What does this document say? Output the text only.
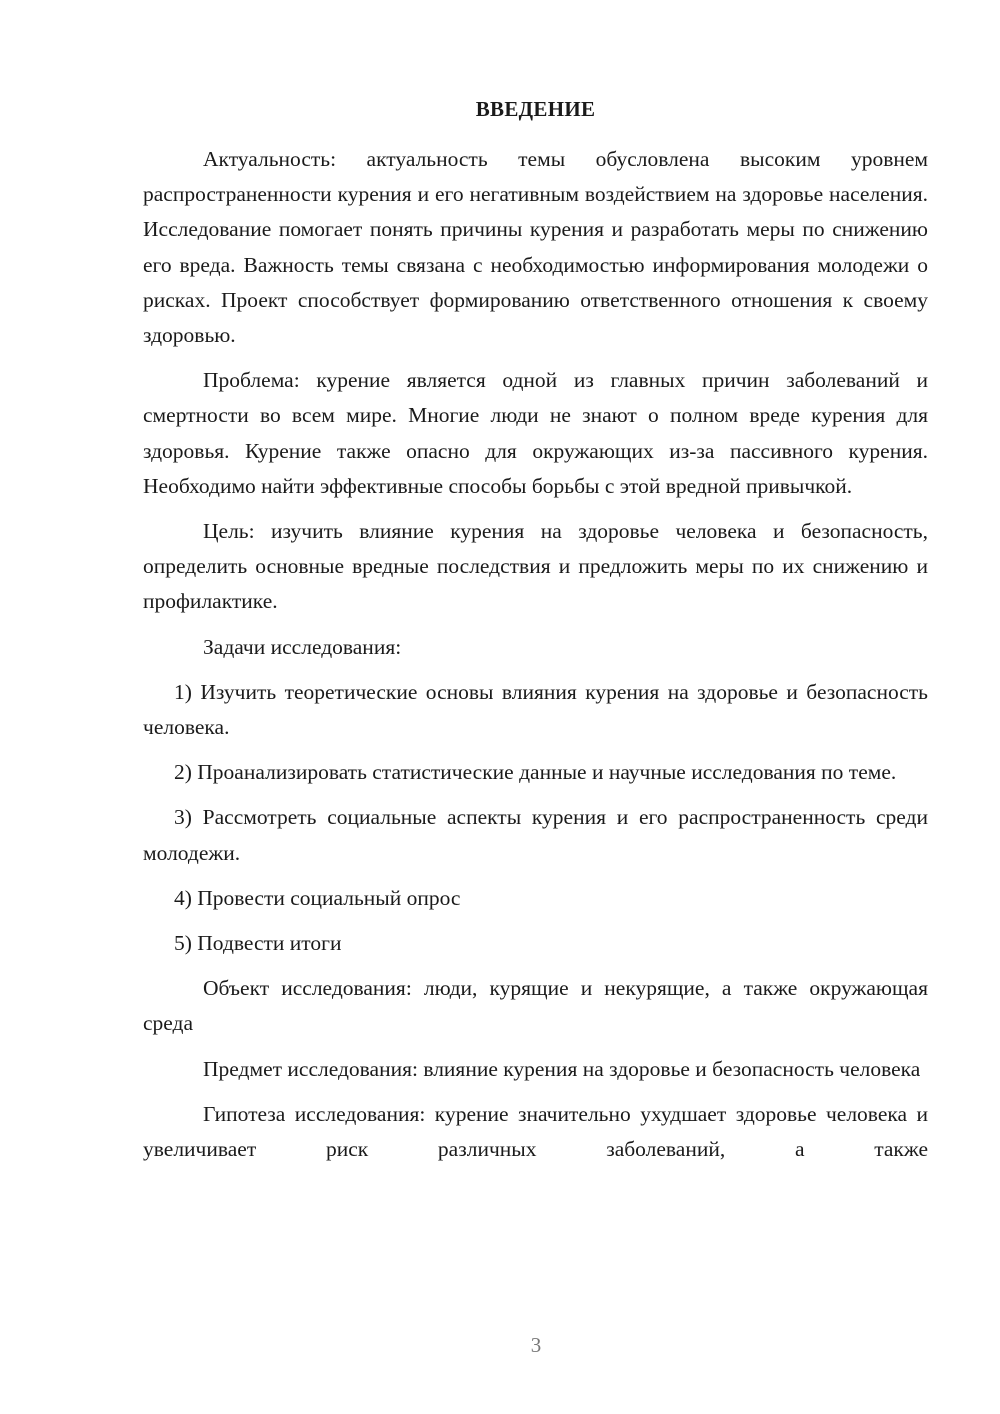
ВВЕДЕНИЕ

Актуальность: актуальность темы обусловлена высоким уровнем распространенности курения и его негативным воздействием на здоровье населения. Исследование помогает понять причины курения и разработать меры по снижению его вреда. Важность темы связана с необходимостью информирования молодежи о рисках. Проект способствует формированию ответственного отношения к своему здоровью.

Проблема: курение является одной из главных причин заболеваний и смертности во всем мире. Многие люди не знают о полном вреде курения для здоровья. Курение также опасно для окружающих из-за пассивного курения. Необходимо найти эффективные способы борьбы с этой вредной привычкой.

Цель: изучить влияние курения на здоровье человека и безопасность, определить основные вредные последствия и предложить меры по их снижению и профилактике.

Задачи исследования:

1) Изучить теоретические основы влияния курения на здоровье и безопасность человека.

2) Проанализировать статистические данные и научные исследования по теме.

3) Рассмотреть социальные аспекты курения и его распространенность среди молодежи.

4) Провести социальный опрос

5) Подвести итоги

Объект исследования: люди, курящие и некурящие, а также окружающая среда

Предмет исследования: влияние курения на здоровье и безопасность человека

Гипотеза исследования: курение значительно ухудшает здоровье человека и увеличивает риск различных заболеваний, а также

3
